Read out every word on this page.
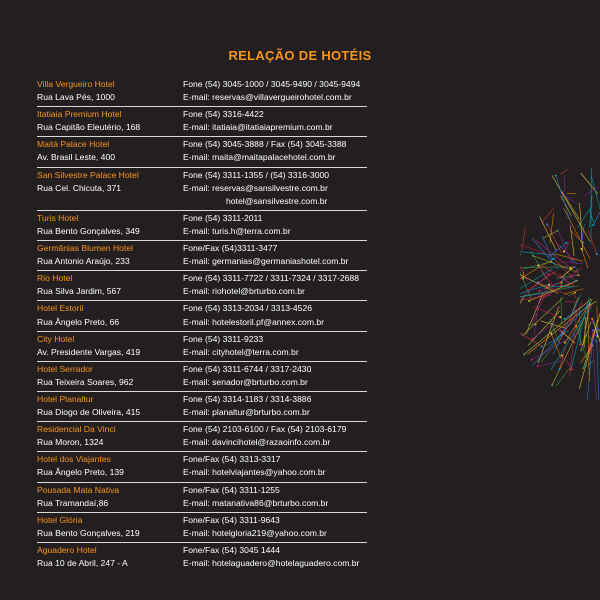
RELAÇÃO DE HOTÉIS
Villa Vergueiro Hotel
Rua Lava Pés, 1000
Fone (54) 3045-1000 / 3045-9490 / 3045-9494
E-mail: reservas@villavergueirohotel.com.br
Itatiaia Premium Hotel
Rua Capitão Eleutério, 168
Fone (54) 3316-4422
E-mail: itatiaia@itatiaiapremium.com.br
Maitá Palace Hotel
Av. Brasil Leste, 400
Fone (54) 3045-3888 / Fax (54) 3045-3388
E-mail: maita@maitapalacehotel.com.br
San Silvestre Palace Hotel
Rua Cel. Chicuta, 371
Fone (54) 3311-1355 / (54) 3316-3000
E-mail: reservas@sansilvestre.com.br
hotel@sansilvestre.com.br
Turis Hotel
Rua Bento Gonçalves, 349
Fone (54) 3311-2011
E-mail: turis.h@terra.com.br
Germânias Blumen Hotel
Rua Antonio Araújo, 233
Fone/Fax (54)3311-3477
E-mail: germanias@germaniashotel.com.br
Rio Hotel
Rua Silva Jardim, 567
Fone (54) 3311-7722 / 3311-7324 / 3317-2688
E-mail: riohotel@brturbo.com.br
Hotel Estoril
Rua Ângelo Preto, 66
Fone (54) 3313-2034 / 3313-4526
E-mail: hotelestoril.pf@annex.com.br
City Hotel
Av. Presidente Vargas, 419
Fone (54) 3311-9233
E-mail: cityhotel@terra.com.br
Hotel Serrador
Rua Teixeira Soares, 962
Fone (54) 3311-6744 / 3317-2430
E-mail: senador@brturbo.com.br
Hotel Planaltur
Rua Diogo de Oliveira, 415
Fone (54) 3314-1183 / 3314-3886
E-mail: planaltur@brturbo.com.br
Residencial Da Vinci
Rua Moron, 1324
Fone (54) 2103-6100 / Fax (54) 2103-6179
E-mail: davincihotel@razaoinfo.com.br
Hotel dos Viajantes
Rua Ângelo Preto, 139
Fone/Fax (54) 3313-3317
E-mail: hotelviajantes@yahoo.com.br
Pousada Mata Nativa
Rua Tramandaí,86
Fone/Fax (54) 3311-1255
E-mail: matanativa86@brturbo.com.br
Hotel Glória
Rua Bento Gonçalves, 219
Fone/Fax (54) 3311-9643
E-mail: hotelgloria219@yahoo.com.br
Aguadero Hotel
Rua 10 de Abril, 247 - A
Fone/Fax (54) 3045 1444
E-mail: hotelaguadero@hotelaguadero.com.br
